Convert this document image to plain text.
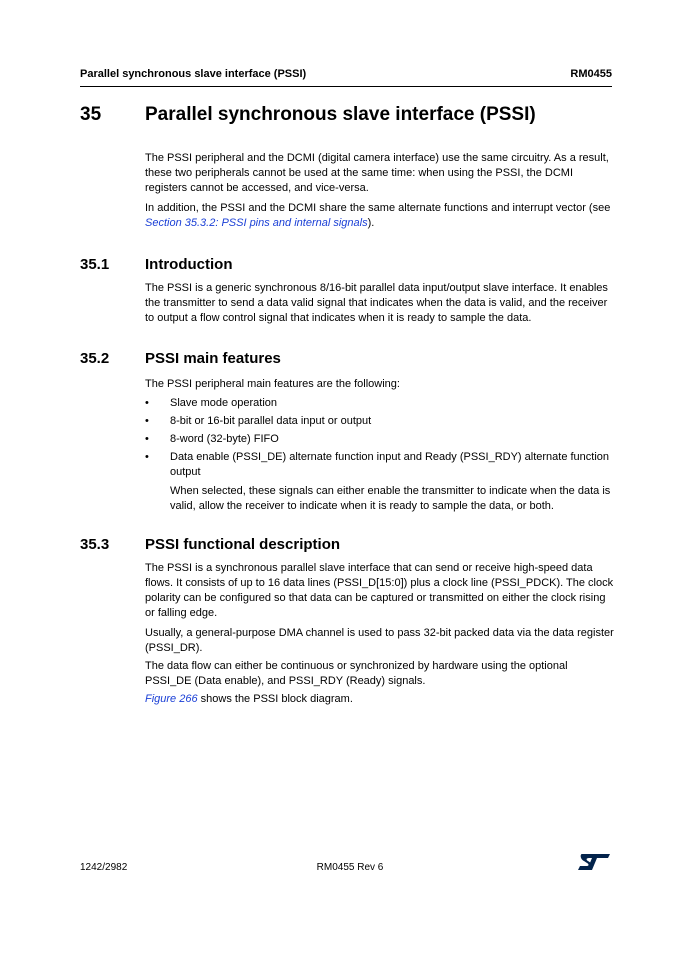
Parallel synchronous slave interface (PSSI)	RM0455
35 Parallel synchronous slave interface (PSSI)

The PSSI peripheral and the DCMI (digital camera interface) use the same circuitry. As a result, these two peripherals cannot be used at the same time: when using the PSSI, the DCMI registers cannot be accessed, and vice-versa.

In addition, the PSSI and the DCMI share the same alternate functions and interrupt vector (see Section 35.3.2: PSSI pins and internal signals).

35.1 Introduction

The PSSI is a generic synchronous 8/16-bit parallel data input/output slave interface. It enables the transmitter to send a data valid signal that indicates when the data is valid, and the receiver to output a flow control signal that indicates when it is ready to sample the data.

35.2 PSSI main features

The PSSI peripheral main features are the following:

• Slave mode operation
• 8-bit or 16-bit parallel data input or output
• 8-word (32-byte) FIFO
• Data enable (PSSI_DE) alternate function input and Ready (PSSI_RDY) alternate function output
When selected, these signals can either enable the transmitter to indicate when the data is valid, allow the receiver to indicate when it is ready to sample the data, or both.
35.3 PSSI functional description

The PSSI is a synchronous parallel slave interface that can send or receive high-speed data flows. It consists of up to 16 data lines (PSSI_D[15:0]) plus a clock line (PSSI_PDCK). The clock polarity can be configured so that data can be captured or transmitted on either the clock rising or falling edge.

Usually, a general-purpose DMA channel is used to pass 32-bit packed data via the data register (PSSI_DR).

The data flow can either be continuous or synchronized by hardware using the optional PSSI_DE (Data enable), and PSSI_RDY (Ready) signals.

Figure 266 shows the PSSI block diagram.

1242/2982	RM0455 Rev 6
